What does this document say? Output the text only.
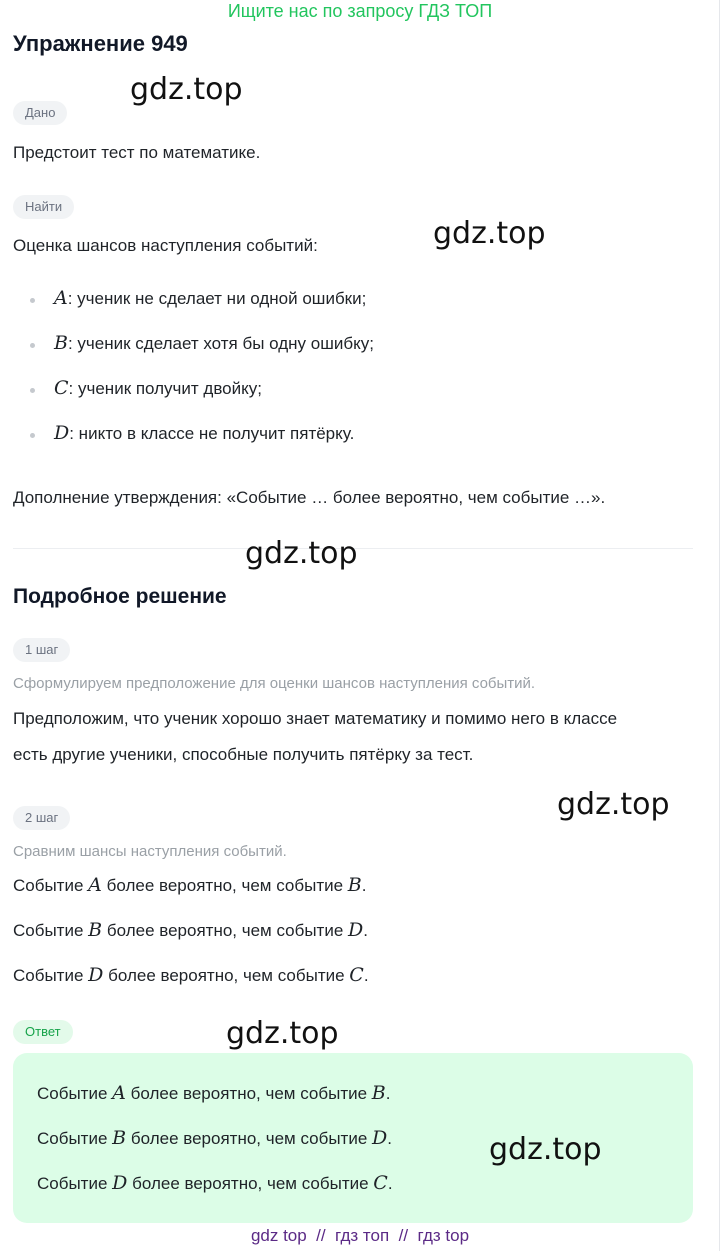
Ищите нас по запросу ГДЗ ТОП
Упражнение 949
Дано
Предстоит тест по математике.
Найти
Оценка шансов наступления событий:
A: ученик не сделает ни одной ошибки;
B: ученик сделает хотя бы одну ошибку;
C: ученик получит двойку;
D: никто в классе не получит пятёрку.
Дополнение утверждения: «Событие … более вероятно, чем событие …».
Подробное решение
1 шаг
Сформулируем предположение для оценки шансов наступления событий.
Предположим, что ученик хорошо знает математику и помимо него в классе
есть другие ученики, способные получить пятёрку за тест.
2 шаг
Сравним шансы наступления событий.
Событие A более вероятно, чем событие B.
Событие B более вероятно, чем событие D.
Событие D более вероятно, чем событие C.
Ответ
Событие A более вероятно, чем событие B.
Событие B более вероятно, чем событие D.
Событие D более вероятно, чем событие C.
gdz.top
gdz.top
gdz.top
gdz.top
gdz.top
gdz.top
gdz top  //  гдз топ  //  гдз top
